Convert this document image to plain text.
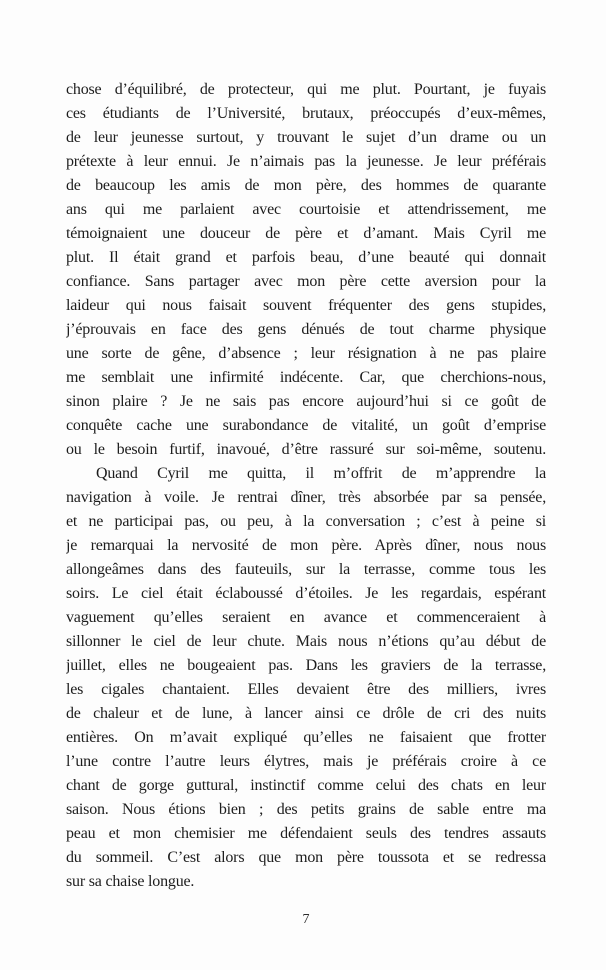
chose d’équilibré, de protecteur, qui me plut. Pourtant, je fuyais
ces étudiants de l’Université, brutaux, préoccupés d’eux-mêmes,
de leur jeunesse surtout, y trouvant le sujet d’un drame ou un
prétexte à leur ennui. Je n’aimais pas la jeunesse. Je leur préférais
de beaucoup les amis de mon père, des hommes de quarante
ans qui me parlaient avec courtoisie et attendrissement, me
témoignaient une douceur de père et d’amant. Mais Cyril me
plut. Il était grand et parfois beau, d’une beauté qui donnait
confiance. Sans partager avec mon père cette aversion pour la
laideur qui nous faisait souvent fréquenter des gens stupides,
j’éprouvais en face des gens dénués de tout charme physique
une sorte de gêne, d’absence ; leur résignation à ne pas plaire
me semblait une infirmité indécente. Car, que cherchions-nous,
sinon plaire ? Je ne sais pas encore aujourd’hui si ce goût de
conquête cache une surabondance de vitalité, un goût d’emprise
ou le besoin furtif, inavoué, d’être rassuré sur soi-même, soutenu.
Quand Cyril me quitta, il m’offrit de m’apprendre la
navigation à voile. Je rentrai dîner, très absorbée par sa pensée,
et ne participai pas, ou peu, à la conversation ; c’est à peine si
je remarquai la nervosité de mon père. Après dîner, nous nous
allongeâmes dans des fauteuils, sur la terrasse, comme tous les
soirs. Le ciel était éclaboussé d’étoiles. Je les regardais, espérant
vaguement qu’elles seraient en avance et commenceraient à
sillonner le ciel de leur chute. Mais nous n’étions qu’au début de
juillet, elles ne bougeaient pas. Dans les graviers de la terrasse,
les cigales chantaient. Elles devaient être des milliers, ivres
de chaleur et de lune, à lancer ainsi ce drôle de cri des nuits
entières. On m’avait expliqué qu’elles ne faisaient que frotter
l’une contre l’autre leurs élytres, mais je préférais croire à ce
chant de gorge guttural, instinctif comme celui des chats en leur
saison. Nous étions bien ; des petits grains de sable entre ma
peau et mon chemisier me défendaient seuls des tendres assauts
du sommeil. C’est alors que mon père toussota et se redressa
sur sa chaise longue.
7
